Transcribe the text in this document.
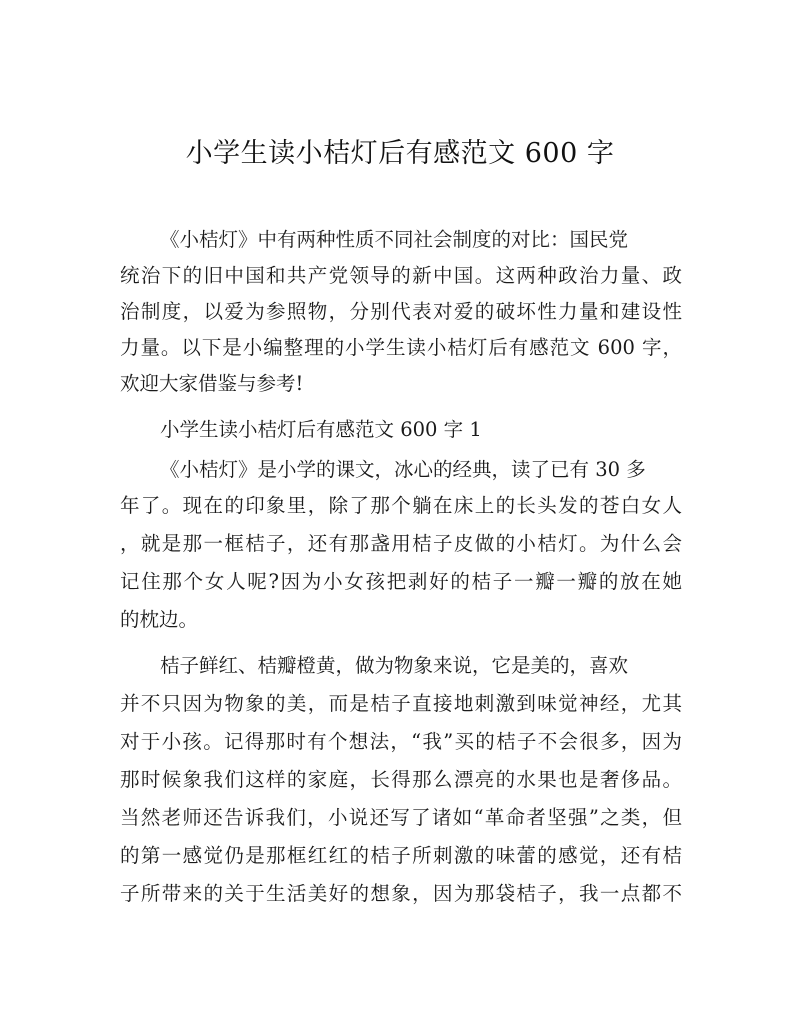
小学生读小桔灯后有感范文 600 字
《小桔灯》中有两种性质不同社会制度的对比：国民党
统治下的旧中国和共产党领导的新中国。这两种政治力量、政
治制度，以爱为参照物，分别代表对爱的破坏性力量和建设性
力量。以下是小编整理的小学生读小桔灯后有感范文 600 字，
欢迎大家借鉴与参考!
小学生读小桔灯后有感范文 600 字 1
《小桔灯》是小学的课文，冰心的经典，读了已有 30 多
年了。现在的印象里，除了那个躺在床上的长头发的苍白女人
，就是那一框桔子，还有那盏用桔子皮做的小桔灯。为什么会
记住那个女人呢?因为小女孩把剥好的桔子一瓣一瓣的放在她
的枕边。
桔子鲜红、桔瓣橙黄，做为物象来说，它是美的，喜欢
并不只因为物象的美，而是桔子直接地刺激到味觉神经，尤其
对于小孩。记得那时有个想法，“我”买的桔子不会很多，因为
那时候象我们这样的家庭，长得那么漂亮的水果也是奢侈品。
当然老师还告诉我们，小说还写了诸如“革命者坚强”之类，但
的第一感觉仍是那框红红的桔子所刺激的味蕾的感觉，还有桔
子所带来的关于生活美好的想象，因为那袋桔子，我一点都不
